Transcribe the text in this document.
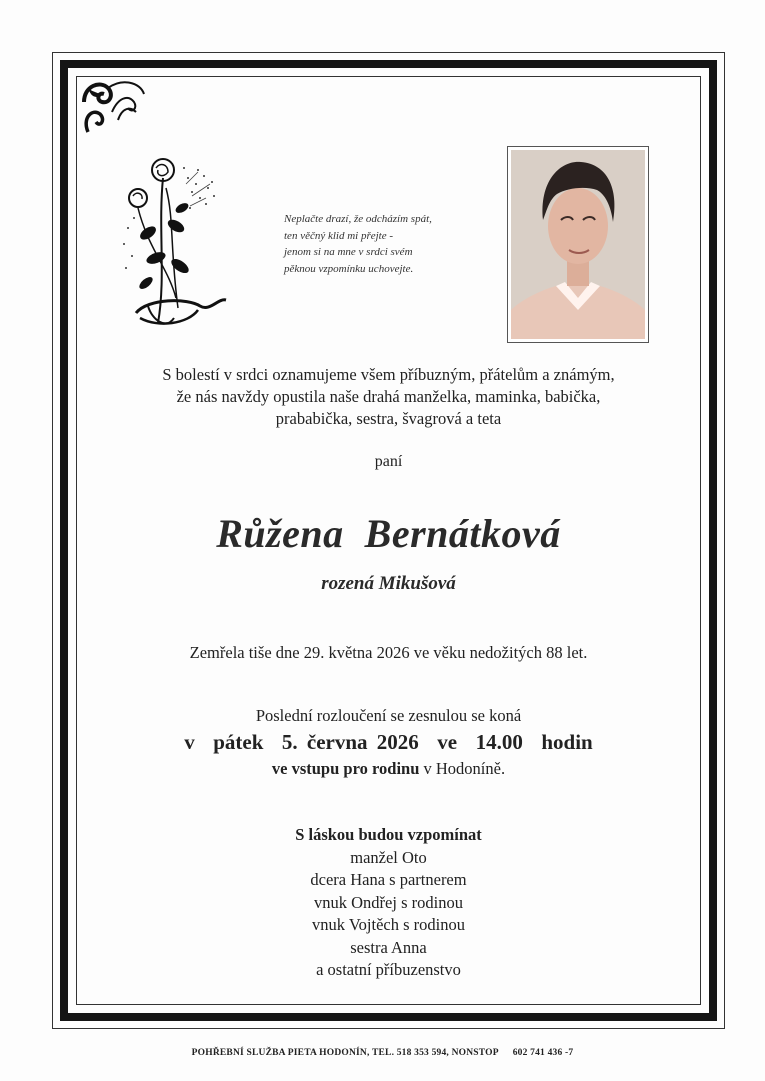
Neplačte drazí, že odcházím spát,
ten věčný klid mi přejte -
jenom si na mne v srdci svém
pěknou vzpomínku uchovejte.
S bolestí v srdci oznamujeme všem příbuzným, přátelům a známým,
že nás navždy opustila naše drahá manželka, maminka, babička,
prababička, sestra, švagrová a teta
paní
Růžena  Bernátková
rozená Mikušová
Zemřela tiše dne 29. května 2026 ve věku nedožitých 88 let.
Poslední rozloučení se zesnulou se koná
v  pátek  5. června 2026  ve  14.00  hodin
ve vstupu pro rodinu v Hodoníně.
S láskou budou vzpomínat
manžel Oto
dcera Hana s partnerem
vnuk Ondřej s rodinou
vnuk Vojtěch s rodinou
sestra Anna
a ostatní příbuzenstvo
POHŘEBNÍ SLUŽBA PIETA HODONÍN, TEL. 518 353 594, NONSTOP 602 741 436 -7
